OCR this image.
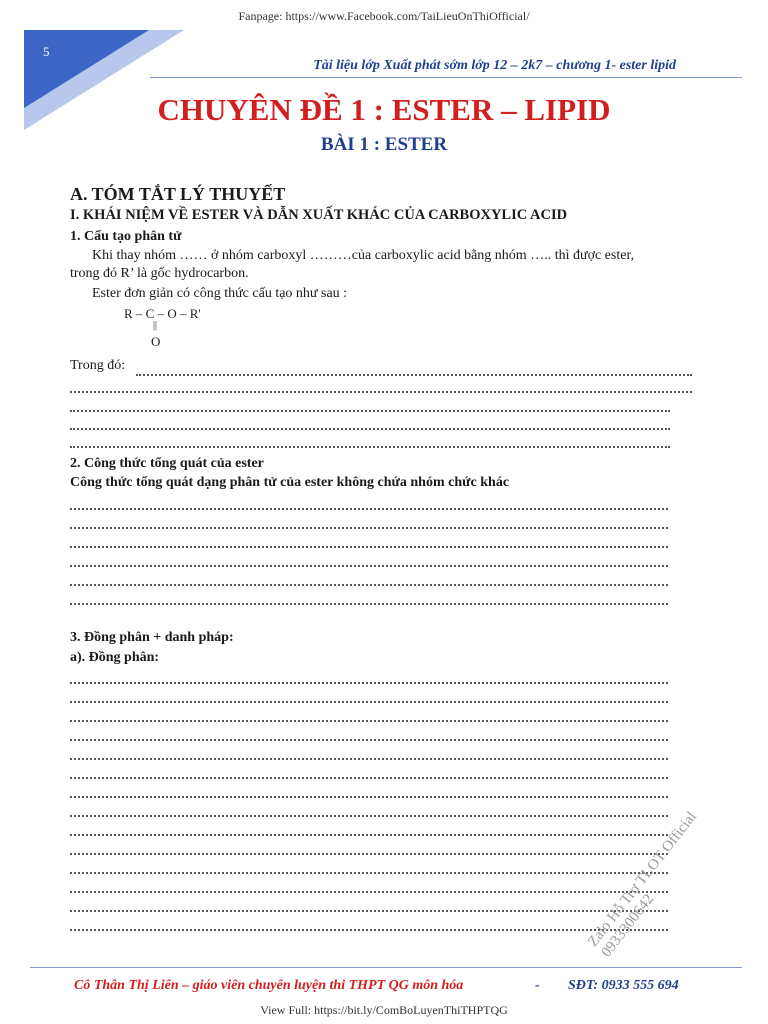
Fanpage: https://www.Facebook.com/TaiLieuOnThiOfficial/
5
Tài liệu lớp Xuất phát sớm lớp 12 – 2k7 – chương 1- ester lipid
CHUYÊN ĐỀ 1 : ESTER – LIPID
BÀI 1 : ESTER
A. TÓM TẮT LÝ THUYẾT
I. KHÁI NIỆM VỀ ESTER VÀ DẪN XUẤT KHÁC CỦA CARBOXYLIC ACID
1. Cấu tạo phân tử
Khi thay nhóm …… ở nhóm carboxyl ………của carboxylic acid bằng nhóm ….. thì được ester,
trong đó R’ là gốc hydrocarbon.
Ester đơn giản có công thức cấu tạo như sau :
R – C – O – R'
||
O
Trong đó:
2. Công thức tổng quát của ester
Công thức tổng quát dạng phân tử của ester không chứa nhóm chức khác
3. Đồng phân + danh pháp:
a). Đồng phân:
Zalo Hỗ Trợ TLOT Official
0933300642
Cô Thân Thị Liên – giáo viên chuyên luyện thi THPT QG môn hóa	- SĐT: 0933 555 694
View Full: https://bit.ly/ComBoLuyenThiTHPTQG
